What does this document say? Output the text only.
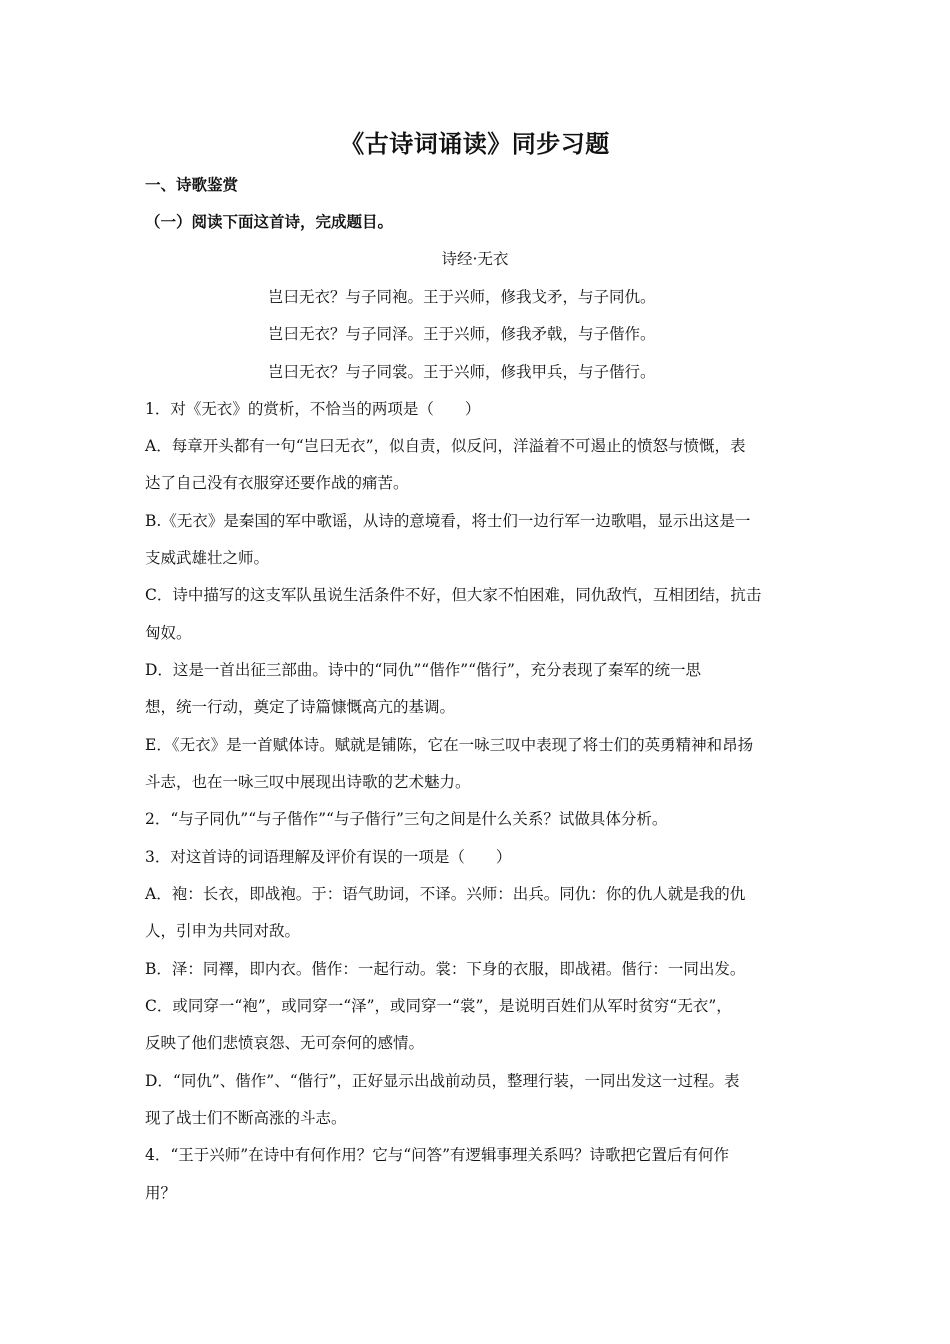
《古诗词诵读》同步习题
一、诗歌鉴赏
（一）阅读下面这首诗，完成题目。
诗经·无衣
岂曰无衣？与子同袍。王于兴师，修我戈矛，与子同仇。
岂曰无衣？与子同泽。王于兴师，修我矛戟，与子偕作。
岂曰无衣？与子同裳。王于兴师，修我甲兵，与子偕行。
1．对《无衣》的赏析，不恰当的两项是（　　）
A．每章开头都有一句“岂曰无衣”，似自责，似反问，洋溢着不可遏止的愤怒与愤慨，表
达了自己没有衣服穿还要作战的痛苦。
B.《无衣》是秦国的军中歌谣，从诗的意境看，将士们一边行军一边歌唱，显示出这是一
支威武雄壮之师。
C．诗中描写的这支军队虽说生活条件不好，但大家不怕困难，同仇敌忾，互相团结，抗击
匈奴。
D．这是一首出征三部曲。诗中的“同仇”“偕作”“偕行”，充分表现了秦军的统一思
想，统一行动，奠定了诗篇慷慨高亢的基调。
E．《无衣》是一首赋体诗。赋就是铺陈，它在一咏三叹中表现了将士们的英勇精神和昂扬
斗志，也在一咏三叹中展现出诗歌的艺术魅力。
2．“与子同仇”“与子偕作”“与子偕行”三句之间是什么关系？试做具体分析。
3．对这首诗的词语理解及评价有误的一项是（　　）
A．袍：长衣，即战袍。于：语气助词，不译。兴师：出兵。同仇：你的仇人就是我的仇
人，引申为共同对敌。
B．泽：同襗，即内衣。偕作：一起行动。裳：下身的衣服，即战裙。偕行：一同出发。
C．或同穿一“袍”，或同穿一“泽”，或同穿一“裳”，是说明百姓们从军时贫穷“无衣”，
反映了他们悲愤哀怨、无可奈何的感情。
D．“同仇”、偕作”、“偕行”，正好显示出战前动员，整理行装，一同出发这一过程。表
现了战士们不断高涨的斗志。
4．“王于兴师”在诗中有何作用？它与“问答”有逻辑事理关系吗？诗歌把它置后有何作
用？
